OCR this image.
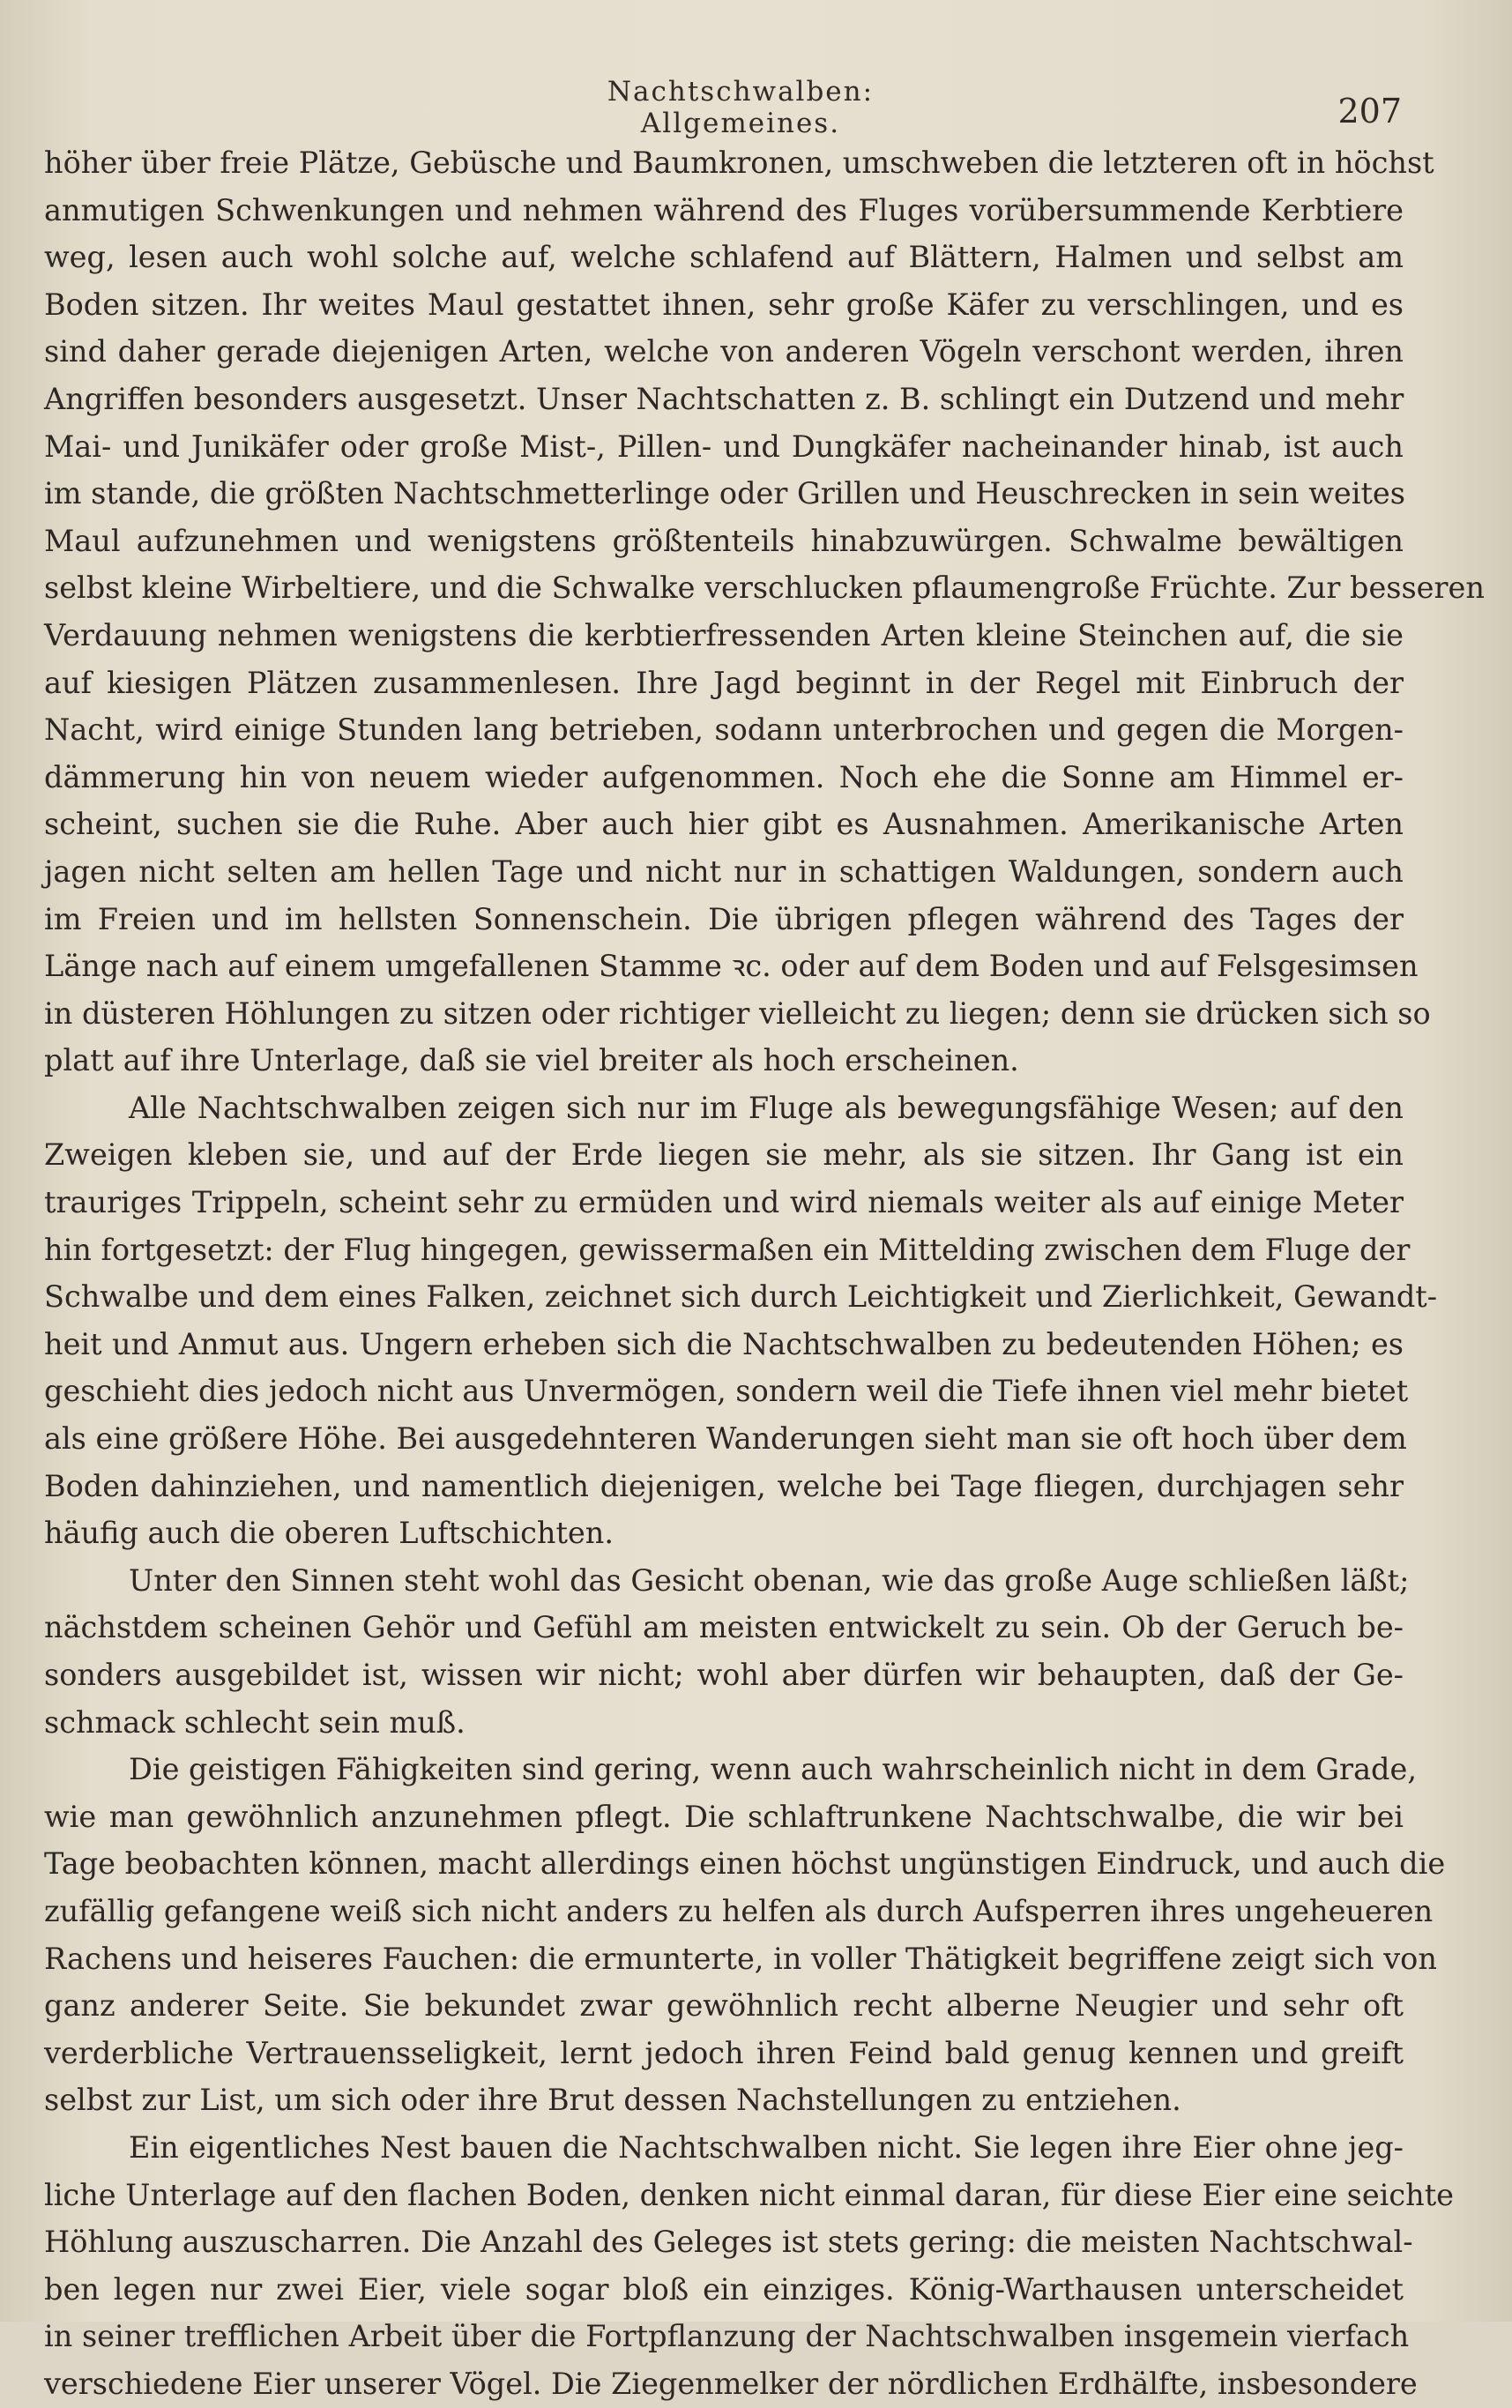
Nachtschwalben: Allgemeines.	207
höher über freie Plätze, Gebüsche und Baumkronen, umschweben die letzteren oft in höchst
anmutigen Schwenkungen und nehmen während des Fluges vorübersummende Kerbtiere
weg, lesen auch wohl solche auf, welche schlafend auf Blättern, Halmen und selbst am
Boden sitzen. Ihr weites Maul gestattet ihnen, sehr große Käfer zu verschlingen, und es
sind daher gerade diejenigen Arten, welche von anderen Vögeln verschont werden, ihren
Angriffen besonders ausgesetzt. Unser Nachtschatten z. B. schlingt ein Dutzend und mehr
Mai- und Junikäfer oder große Mist-, Pillen- und Dungkäfer nacheinander hinab, ist auch
im stande, die größten Nachtschmetterlinge oder Grillen und Heuschrecken in sein weites
Maul aufzunehmen und wenigstens größtenteils hinabzuwürgen. Schwalme bewältigen
selbst kleine Wirbeltiere, und die Schwalke verschlucken pflaumengroße Früchte. Zur besseren
Verdauung nehmen wenigstens die kerbtierfressenden Arten kleine Steinchen auf, die sie
auf kiesigen Plätzen zusammenlesen. Ihre Jagd beginnt in der Regel mit Einbruch der
Nacht, wird einige Stunden lang betrieben, sodann unterbrochen und gegen die Morgen-
dämmerung hin von neuem wieder aufgenommen. Noch ehe die Sonne am Himmel er-
scheint, suchen sie die Ruhe. Aber auch hier gibt es Ausnahmen. Amerikanische Arten
jagen nicht selten am hellen Tage und nicht nur in schattigen Waldungen, sondern auch
im Freien und im hellsten Sonnenschein. Die übrigen pflegen während des Tages der
Länge nach auf einem umgefallenen Stamme ꝛc. oder auf dem Boden und auf Felsgesimsen
in düsteren Höhlungen zu sitzen oder richtiger vielleicht zu liegen; denn sie drücken sich so
platt auf ihre Unterlage, daß sie viel breiter als hoch erscheinen.
Alle Nachtschwalben zeigen sich nur im Fluge als bewegungsfähige Wesen; auf den
Zweigen kleben sie, und auf der Erde liegen sie mehr, als sie sitzen. Ihr Gang ist ein
trauriges Trippeln, scheint sehr zu ermüden und wird niemals weiter als auf einige Meter
hin fortgesetzt: der Flug hingegen, gewissermaßen ein Mittelding zwischen dem Fluge der
Schwalbe und dem eines Falken, zeichnet sich durch Leichtigkeit und Zierlichkeit, Gewandt-
heit und Anmut aus. Ungern erheben sich die Nachtschwalben zu bedeutenden Höhen; es
geschieht dies jedoch nicht aus Unvermögen, sondern weil die Tiefe ihnen viel mehr bietet
als eine größere Höhe. Bei ausgedehnteren Wanderungen sieht man sie oft hoch über dem
Boden dahinziehen, und namentlich diejenigen, welche bei Tage fliegen, durchjagen sehr
häufig auch die oberen Luftschichten.
Unter den Sinnen steht wohl das Gesicht obenan, wie das große Auge schließen läßt;
nächstdem scheinen Gehör und Gefühl am meisten entwickelt zu sein. Ob der Geruch be-
sonders ausgebildet ist, wissen wir nicht; wohl aber dürfen wir behaupten, daß der Ge-
schmack schlecht sein muß.
Die geistigen Fähigkeiten sind gering, wenn auch wahrscheinlich nicht in dem Grade,
wie man gewöhnlich anzunehmen pflegt. Die schlaftrunkene Nachtschwalbe, die wir bei
Tage beobachten können, macht allerdings einen höchst ungünstigen Eindruck, und auch die
zufällig gefangene weiß sich nicht anders zu helfen als durch Aufsperren ihres ungeheueren
Rachens und heiseres Fauchen: die ermunterte, in voller Thätigkeit begriffene zeigt sich von
ganz anderer Seite. Sie bekundet zwar gewöhnlich recht alberne Neugier und sehr oft
verderbliche Vertrauensseligkeit, lernt jedoch ihren Feind bald genug kennen und greift
selbst zur List, um sich oder ihre Brut dessen Nachstellungen zu entziehen.
Ein eigentliches Nest bauen die Nachtschwalben nicht. Sie legen ihre Eier ohne jeg-
liche Unterlage auf den flachen Boden, denken nicht einmal daran, für diese Eier eine seichte
Höhlung auszuscharren. Die Anzahl des Geleges ist stets gering: die meisten Nachtschwal-
ben legen nur zwei Eier, viele sogar bloß ein einziges. König-Warthausen unterscheidet
in seiner trefflichen Arbeit über die Fortpflanzung der Nachtschwalben insgemein vierfach
verschiedene Eier unserer Vögel. Die Ziegenmelker der nördlichen Erdhälfte, insbesondere
